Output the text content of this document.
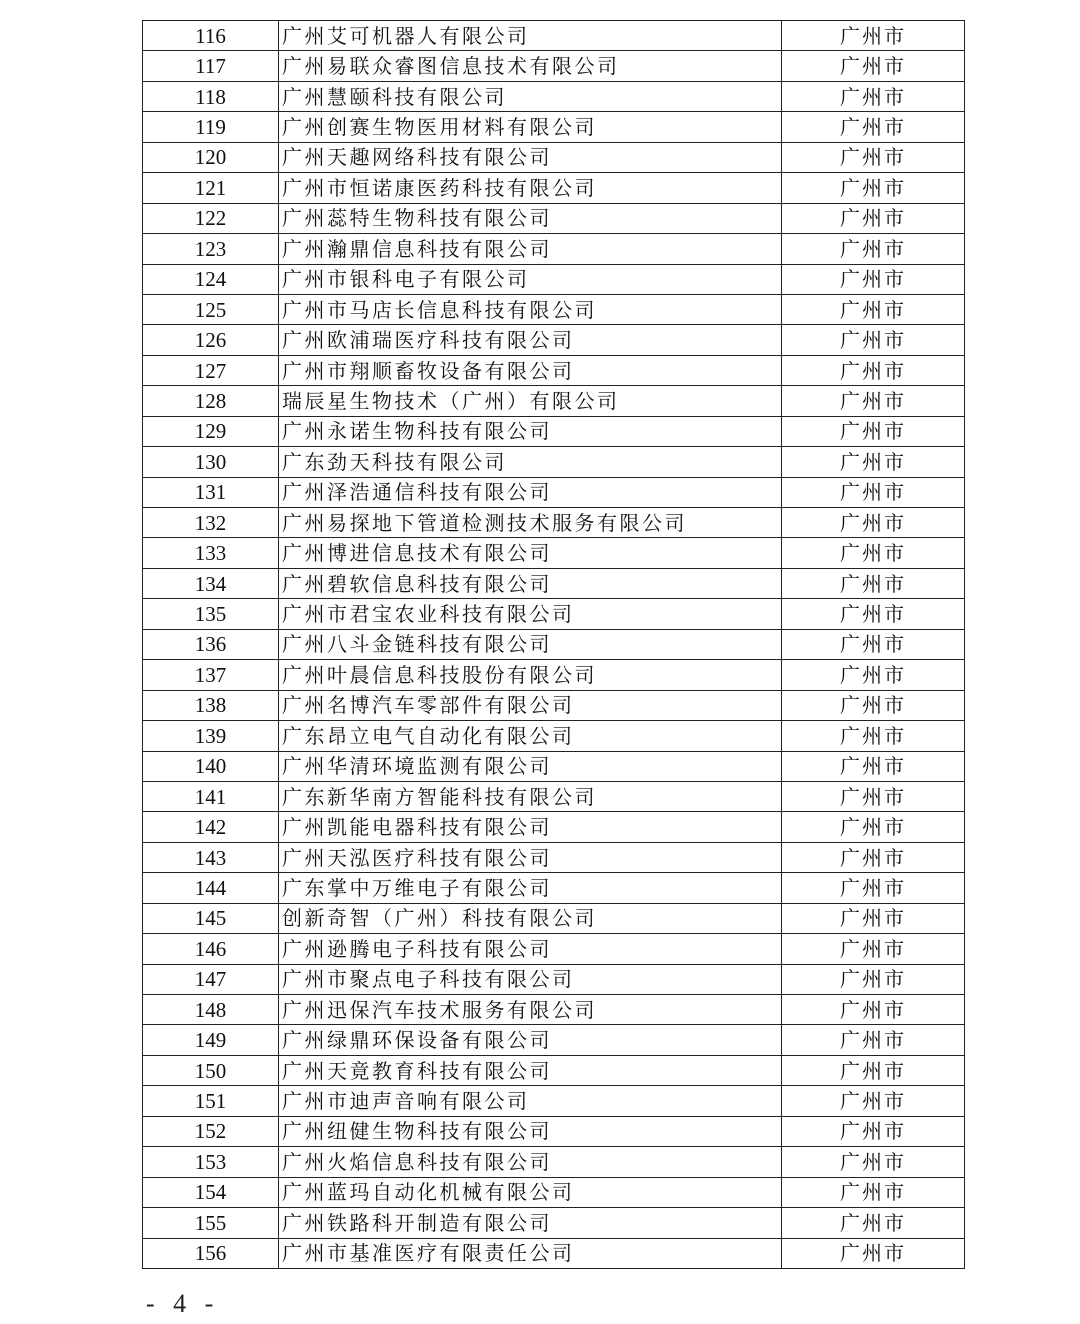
116	广州艾可机器人有限公司	广州市
117	广州易联众睿图信息技术有限公司	广州市
118	广州慧颐科技有限公司	广州市
119	广州创赛生物医用材料有限公司	广州市
120	广州天趣网络科技有限公司	广州市
121	广州市恒诺康医药科技有限公司	广州市
122	广州蕊特生物科技有限公司	广州市
123	广州瀚鼎信息科技有限公司	广州市
124	广州市银科电子有限公司	广州市
125	广州市马店长信息科技有限公司	广州市
126	广州欧浦瑞医疗科技有限公司	广州市
127	广州市翔顺畜牧设备有限公司	广州市
128	瑞辰星生物技术（广州）有限公司	广州市
129	广州永诺生物科技有限公司	广州市
130	广东劲天科技有限公司	广州市
131	广州泽浩通信科技有限公司	广州市
132	广州易探地下管道检测技术服务有限公司	广州市
133	广州博进信息技术有限公司	广州市
134	广州碧软信息科技有限公司	广州市
135	广州市君宝农业科技有限公司	广州市
136	广州八斗金链科技有限公司	广州市
137	广州叶晨信息科技股份有限公司	广州市
138	广州名博汽车零部件有限公司	广州市
139	广东昂立电气自动化有限公司	广州市
140	广州华清环境监测有限公司	广州市
141	广东新华南方智能科技有限公司	广州市
142	广州凯能电器科技有限公司	广州市
143	广州天泓医疗科技有限公司	广州市
144	广东掌中万维电子有限公司	广州市
145	创新奇智（广州）科技有限公司	广州市
146	广州逊腾电子科技有限公司	广州市
147	广州市聚点电子科技有限公司	广州市
148	广州迅保汽车技术服务有限公司	广州市
149	广州绿鼎环保设备有限公司	广州市
150	广州天竟教育科技有限公司	广州市
151	广州市迪声音响有限公司	广州市
152	广州纽健生物科技有限公司	广州市
153	广州火焰信息科技有限公司	广州市
154	广州蓝玛自动化机械有限公司	广州市
155	广州铁路科开制造有限公司	广州市
156	广州市基准医疗有限责任公司	广州市
- 4 -
